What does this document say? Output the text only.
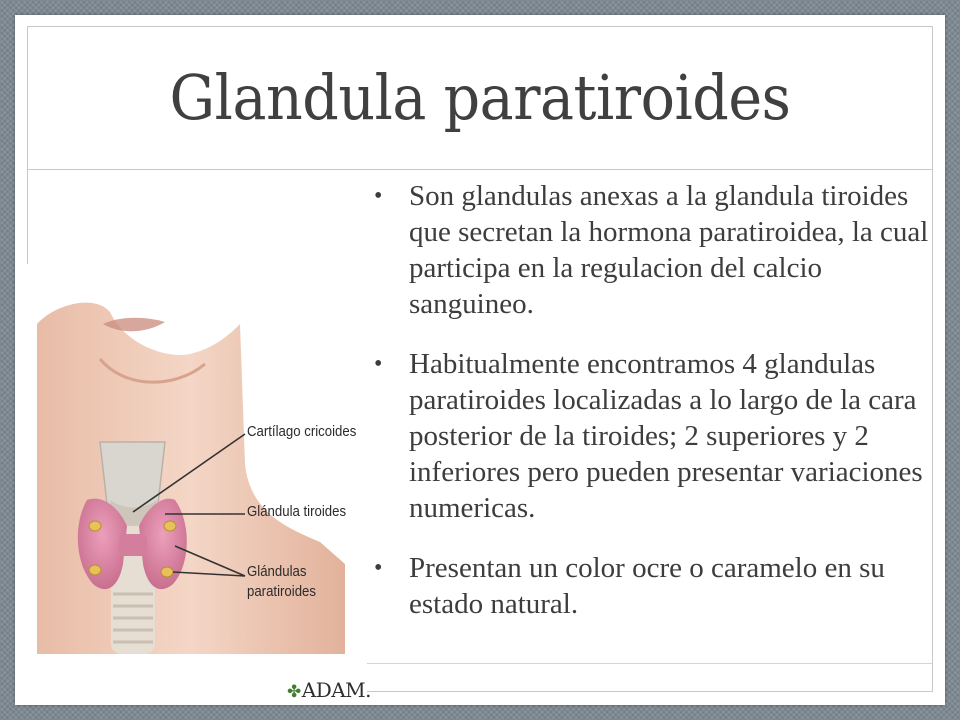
Glandula paratiroides
• Son glandulas anexas a la glandula tiroides que secretan la hormona paratiroidea, la cual participa en la regulacion del calcio sanguineo.
• Habitualmente encontramos 4 glandulas paratiroides localizadas a lo largo de la cara posterior de la tiroides; 2 superiores y 2 inferiores pero pueden presentar variaciones numericas.
• Presentan un color ocre o caramelo en su estado natural.
Cartílago cricoides
Glándula tiroides
Glándulas
paratiroides
✤ADAM.
